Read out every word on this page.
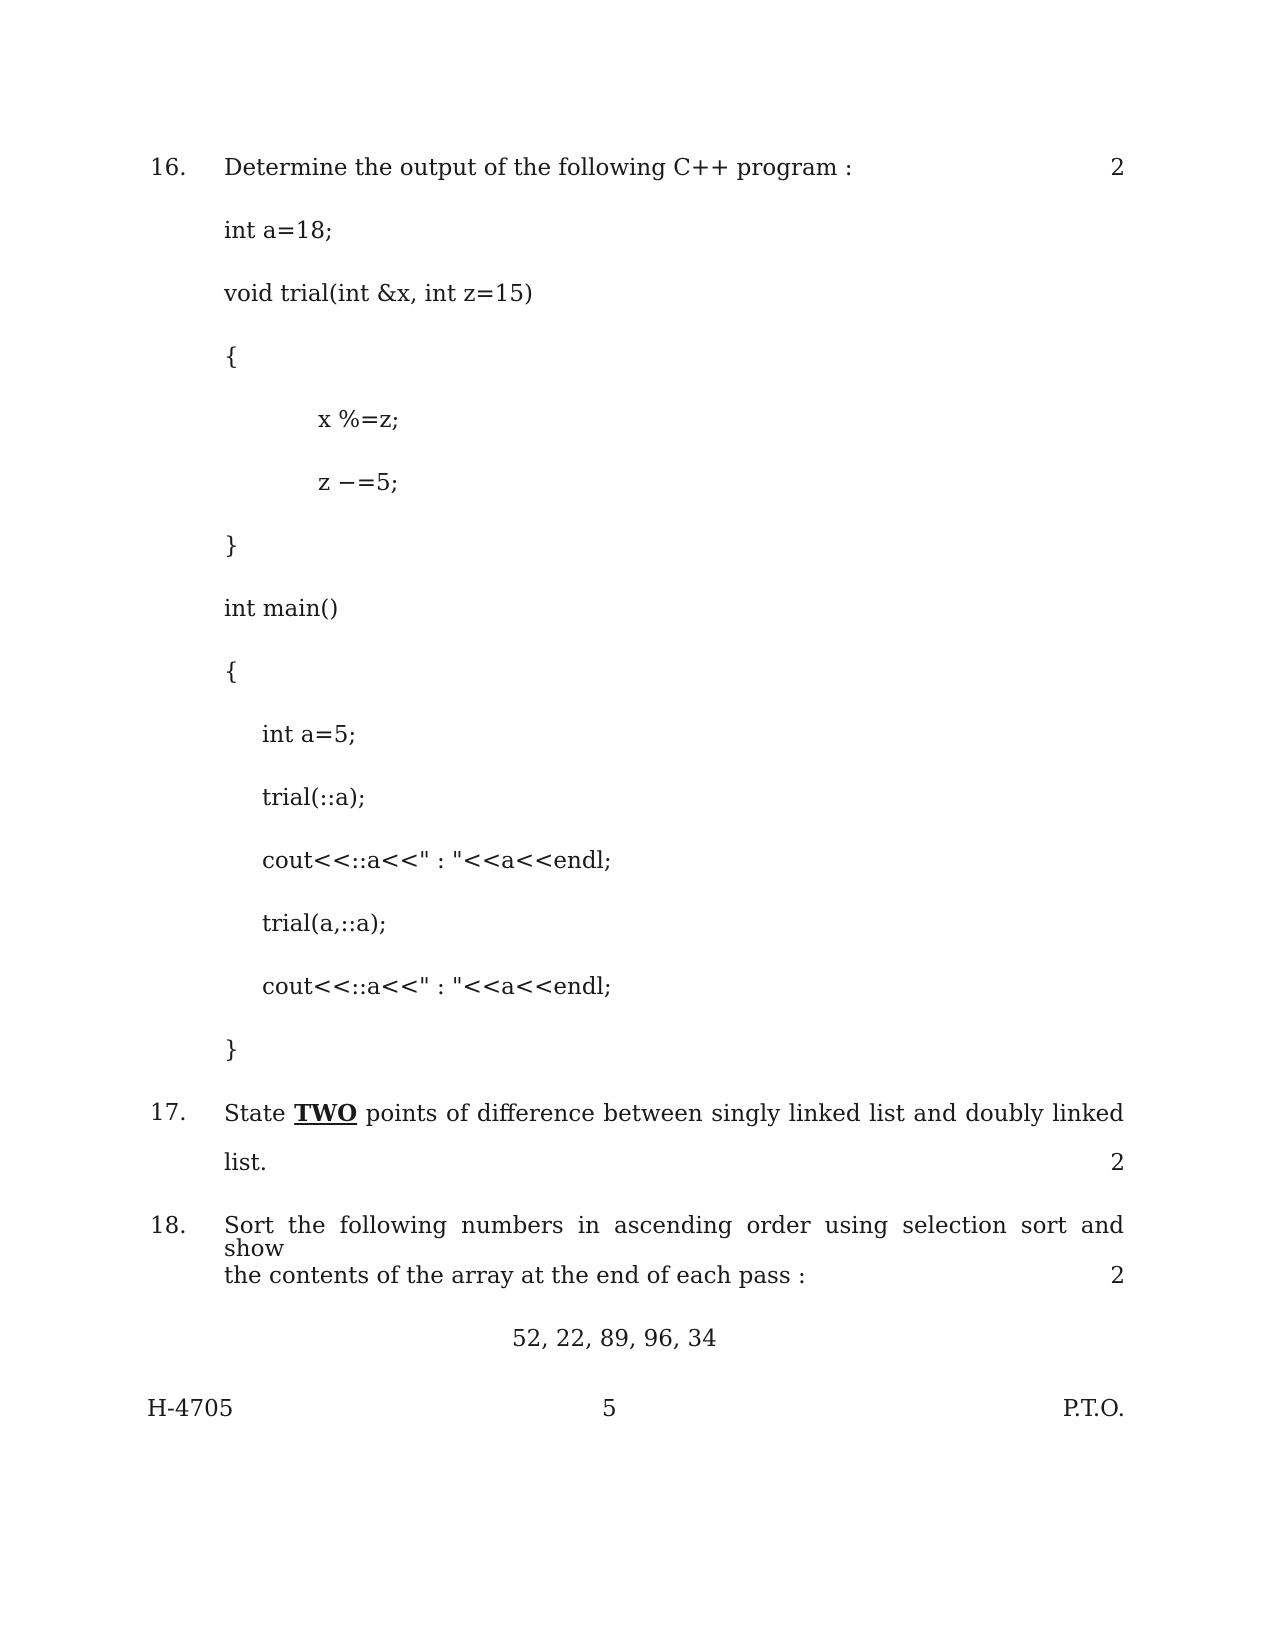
16. Determine the output of the following C++ program :	2
int a=18;
void trial(int &x, int z=15)
{
x %=z;
z −=5;
}
int main()
{
int a=5;
trial(::a);
cout<<::a<<" : "<<a<<endl;
trial(a,::a);
cout<<::a<<" : "<<a<<endl;
}
17. State TWO points of difference between singly linked list and doubly linked
list.	2
18. Sort the following numbers in ascending order using selection sort and show
the contents of the array at the end of each pass :	2
52, 22, 89, 96, 34
H-4705	5	P.T.O.
